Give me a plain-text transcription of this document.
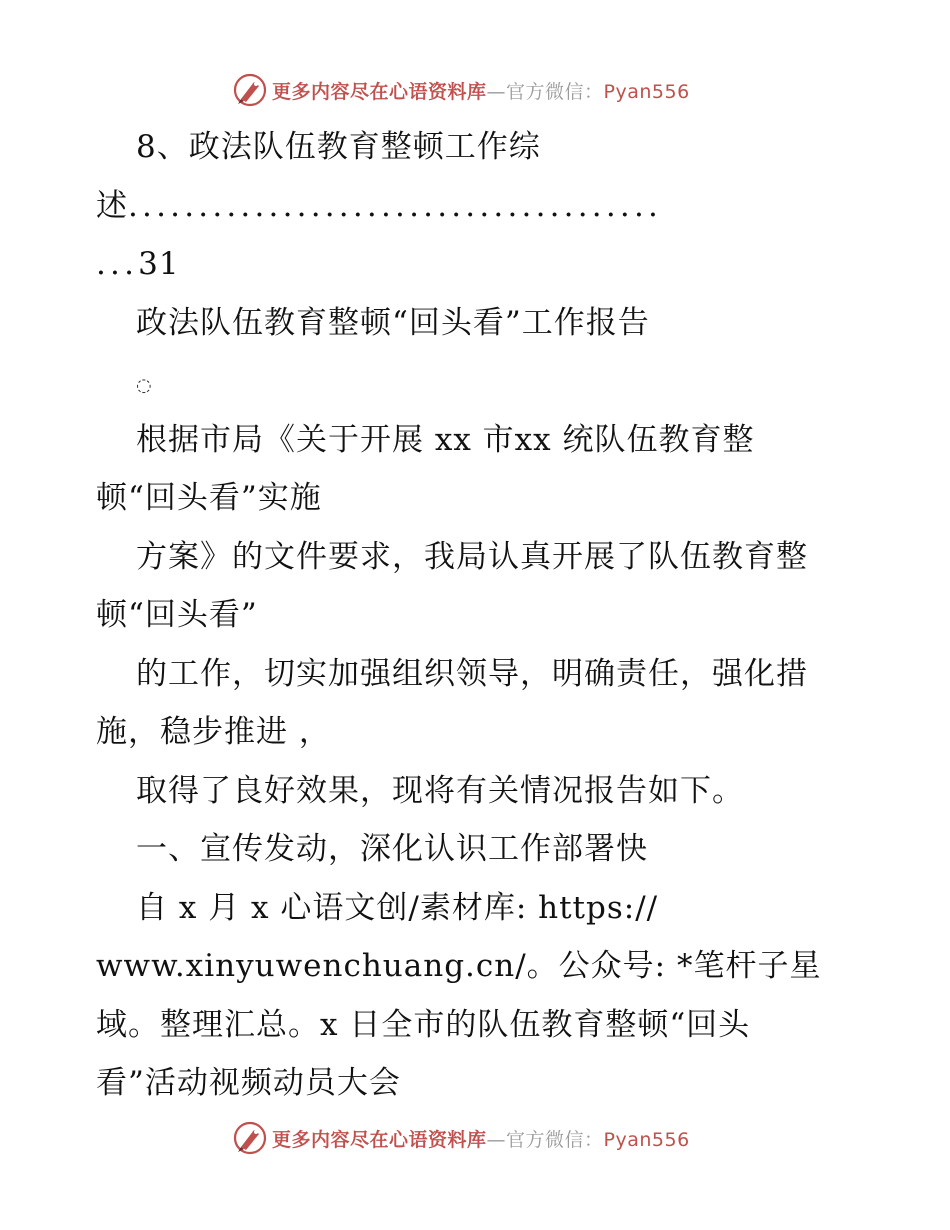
更多内容尽在心语资料库—官方微信：Pyan556
8、政法队伍教育整顿工作综
述......................................
...31
政法队伍教育整顿“回头看”工作报告
◌
根据市局《关于开展 xx 市xx 统队伍教育整
顿“回头看”实施
方案》的文件要求，我局认真开展了队伍教育整
顿“回头看”
的工作，切实加强组织领导，明确责任，强化措
施，稳步推进 ，
取得了良好效果，现将有关情况报告如下。
一、宣传发动，深化认识工作部署快
自 x 月 x 心语文创/素材库: https://
www.xinyuwenchuang.cn/。公众号: *笔杆子星
域。整理汇总。x 日全市的队伍教育整顿“回头
看”活动视频动员大会
更多内容尽在心语资料库—官方微信：Pyan556
